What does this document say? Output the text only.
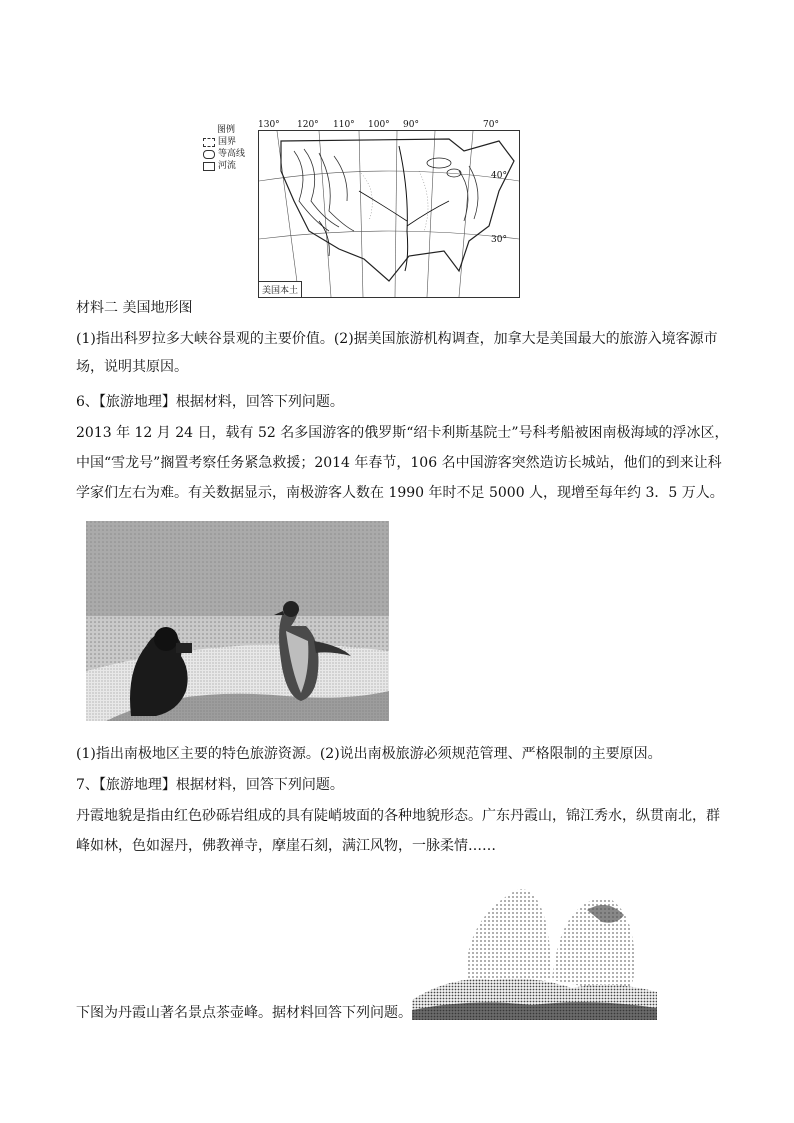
图例
国界
等高线
河流
130° 120° 110° 100° 90°	70°
40°
30°
美国本土
材料二 美国地形图
(1)指出科罗拉多大峡谷景观的主要价值。(2)据美国旅游机构调查，加拿大是美国最大的旅游入境客源市
场，说明其原因。
6、【旅游地理】根据材料，回答下列问题。
2013 年 12 月 24 日，载有 52 名多国游客的俄罗斯“绍卡利斯基院士”号科考船被困南极海域的浮冰区，
中国“雪龙号”搁置考察任务紧急救援；2014 年春节，106 名中国游客突然造访长城站，他们的到来让科
学家们左右为难。有关数据显示，南极游客人数在 1990 年时不足 5000 人，现增至每年约 3．5 万人。
(1)指出南极地区主要的特色旅游资源。(2)说出南极旅游必须规范管理、严格限制的主要原因。
7、【旅游地理】根据材料，回答下列问题。
丹霞地貌是指由红色砂砾岩组成的具有陡峭坡面的各种地貌形态。广东丹霞山，锦江秀水，纵贯南北，群
峰如林，色如渥丹，佛教禅寺，摩崖石刻，满江风物，一脉柔情……
下图为丹霞山著名景点茶壶峰。据材料回答下列问题。
